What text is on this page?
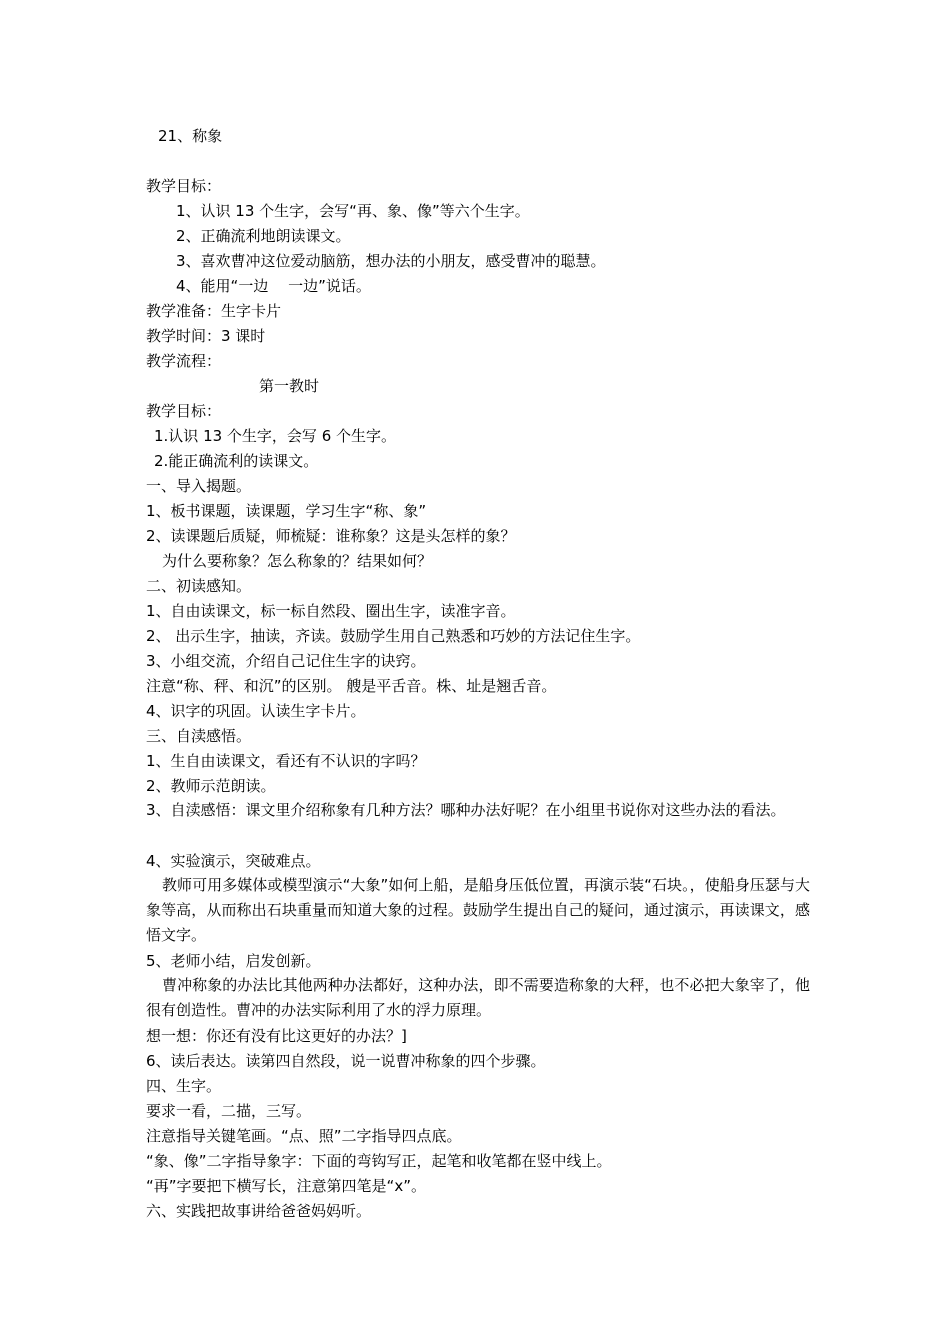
21、称象
教学目标：
1、认识 13 个生字，会写“再、象、像”等六个生字。
2、正确流利地朗读课文。
3、喜欢曹冲这位爱动脑筋，想办法的小朋友，感受曹冲的聪慧。
4、能用“一边　 一边”说话。
教学准备：生字卡片
教学时间：3 课时
教学流程：
第一教时
教学目标：
1.认识 13 个生字，会写 6 个生字。
2.能正确流利的读课文。
一、导入揭题。
1、板书课题，读课题，学习生字“称、象”
2、读课题后质疑，师梳疑：谁称象？这是头怎样的象？
为什么要称象？怎么称象的？结果如何？
二、初读感知。
1、自由读课文，标一标自然段、圈出生字，读准字音。
2、 出示生字，抽读，齐读。鼓励学生用自己熟悉和巧妙的方法记住生字。
3、小组交流，介绍自己记住生字的诀窍。
注意“称、秤、和沉”的区别。 艘是平舌音。株、址是翘舌音。
4、识字的巩固。认读生字卡片。
三、自渎感悟。
1、生自由读课文，看还有不认识的字吗？
2、教师示范朗读。
3、自渎感悟：课文里介绍称象有几种方法？哪种办法好呢？在小组里书说你对这些办法的看法。
4、实验演示，突破难点。
教师可用多媒体或模型演示“大象”如何上船，是船身压低位置，再演示装“石块。，使船身压瑟与大象等高，从而称出石块重量而知道大象的过程。鼓励学生提出自己的疑问，通过演示，再读课文，感悟文字。
5、老师小结，启发创新。
曹冲称象的办法比其他两种办法都好，这种办法，即不需要造称象的大秤，也不必把大象宰了，他很有创造性。曹冲的办法实际利用了水的浮力原理。
想一想：你还有没有比这更好的办法？]
6、读后表达。读第四自然段，说一说曹冲称象的四个步骤。
四、生字。
要求一看，二描，三写。
注意指导关键笔画。“点、照”二字指导四点底。
“象、像”二字指导象字：下面的弯钩写正，起笔和收笔都在竖中线上。
“再”字要把下横写长，注意第四笔是“x”。
六、实践把故事讲给爸爸妈妈听。
